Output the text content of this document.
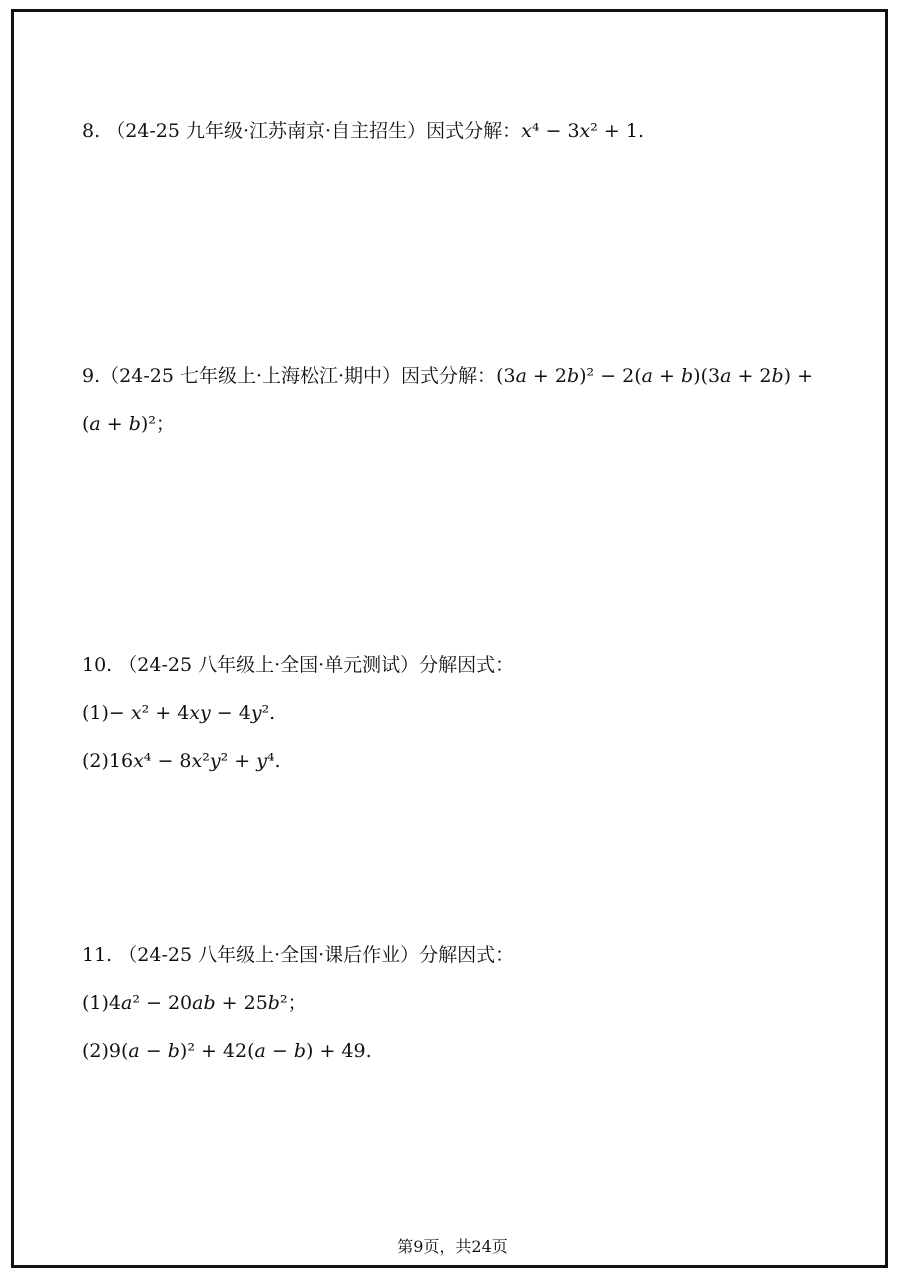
8. （24-25 九年级·江苏南京·自主招生）因式分解：𝑥⁴ − 3𝑥² + 1.
9.（24-25 七年级上·上海松江·期中）因式分解：(3𝑎 + 2𝑏)² − 2(𝑎 + 𝑏)(3𝑎 + 2𝑏) +
(𝑎 + 𝑏)²；
10. （24-25 八年级上·全国·单元测试）分解因式：
(1)− 𝑥² + 4𝑥𝑦 − 4𝑦².
(2)16𝑥⁴ − 8𝑥²𝑦² + 𝑦⁴.
11. （24-25 八年级上·全国·课后作业）分解因式：
(1)4𝑎² − 20𝑎𝑏 + 25𝑏²；
(2)9(𝑎 − 𝑏)² + 42(𝑎 − 𝑏) + 49.
第9页，共24页
